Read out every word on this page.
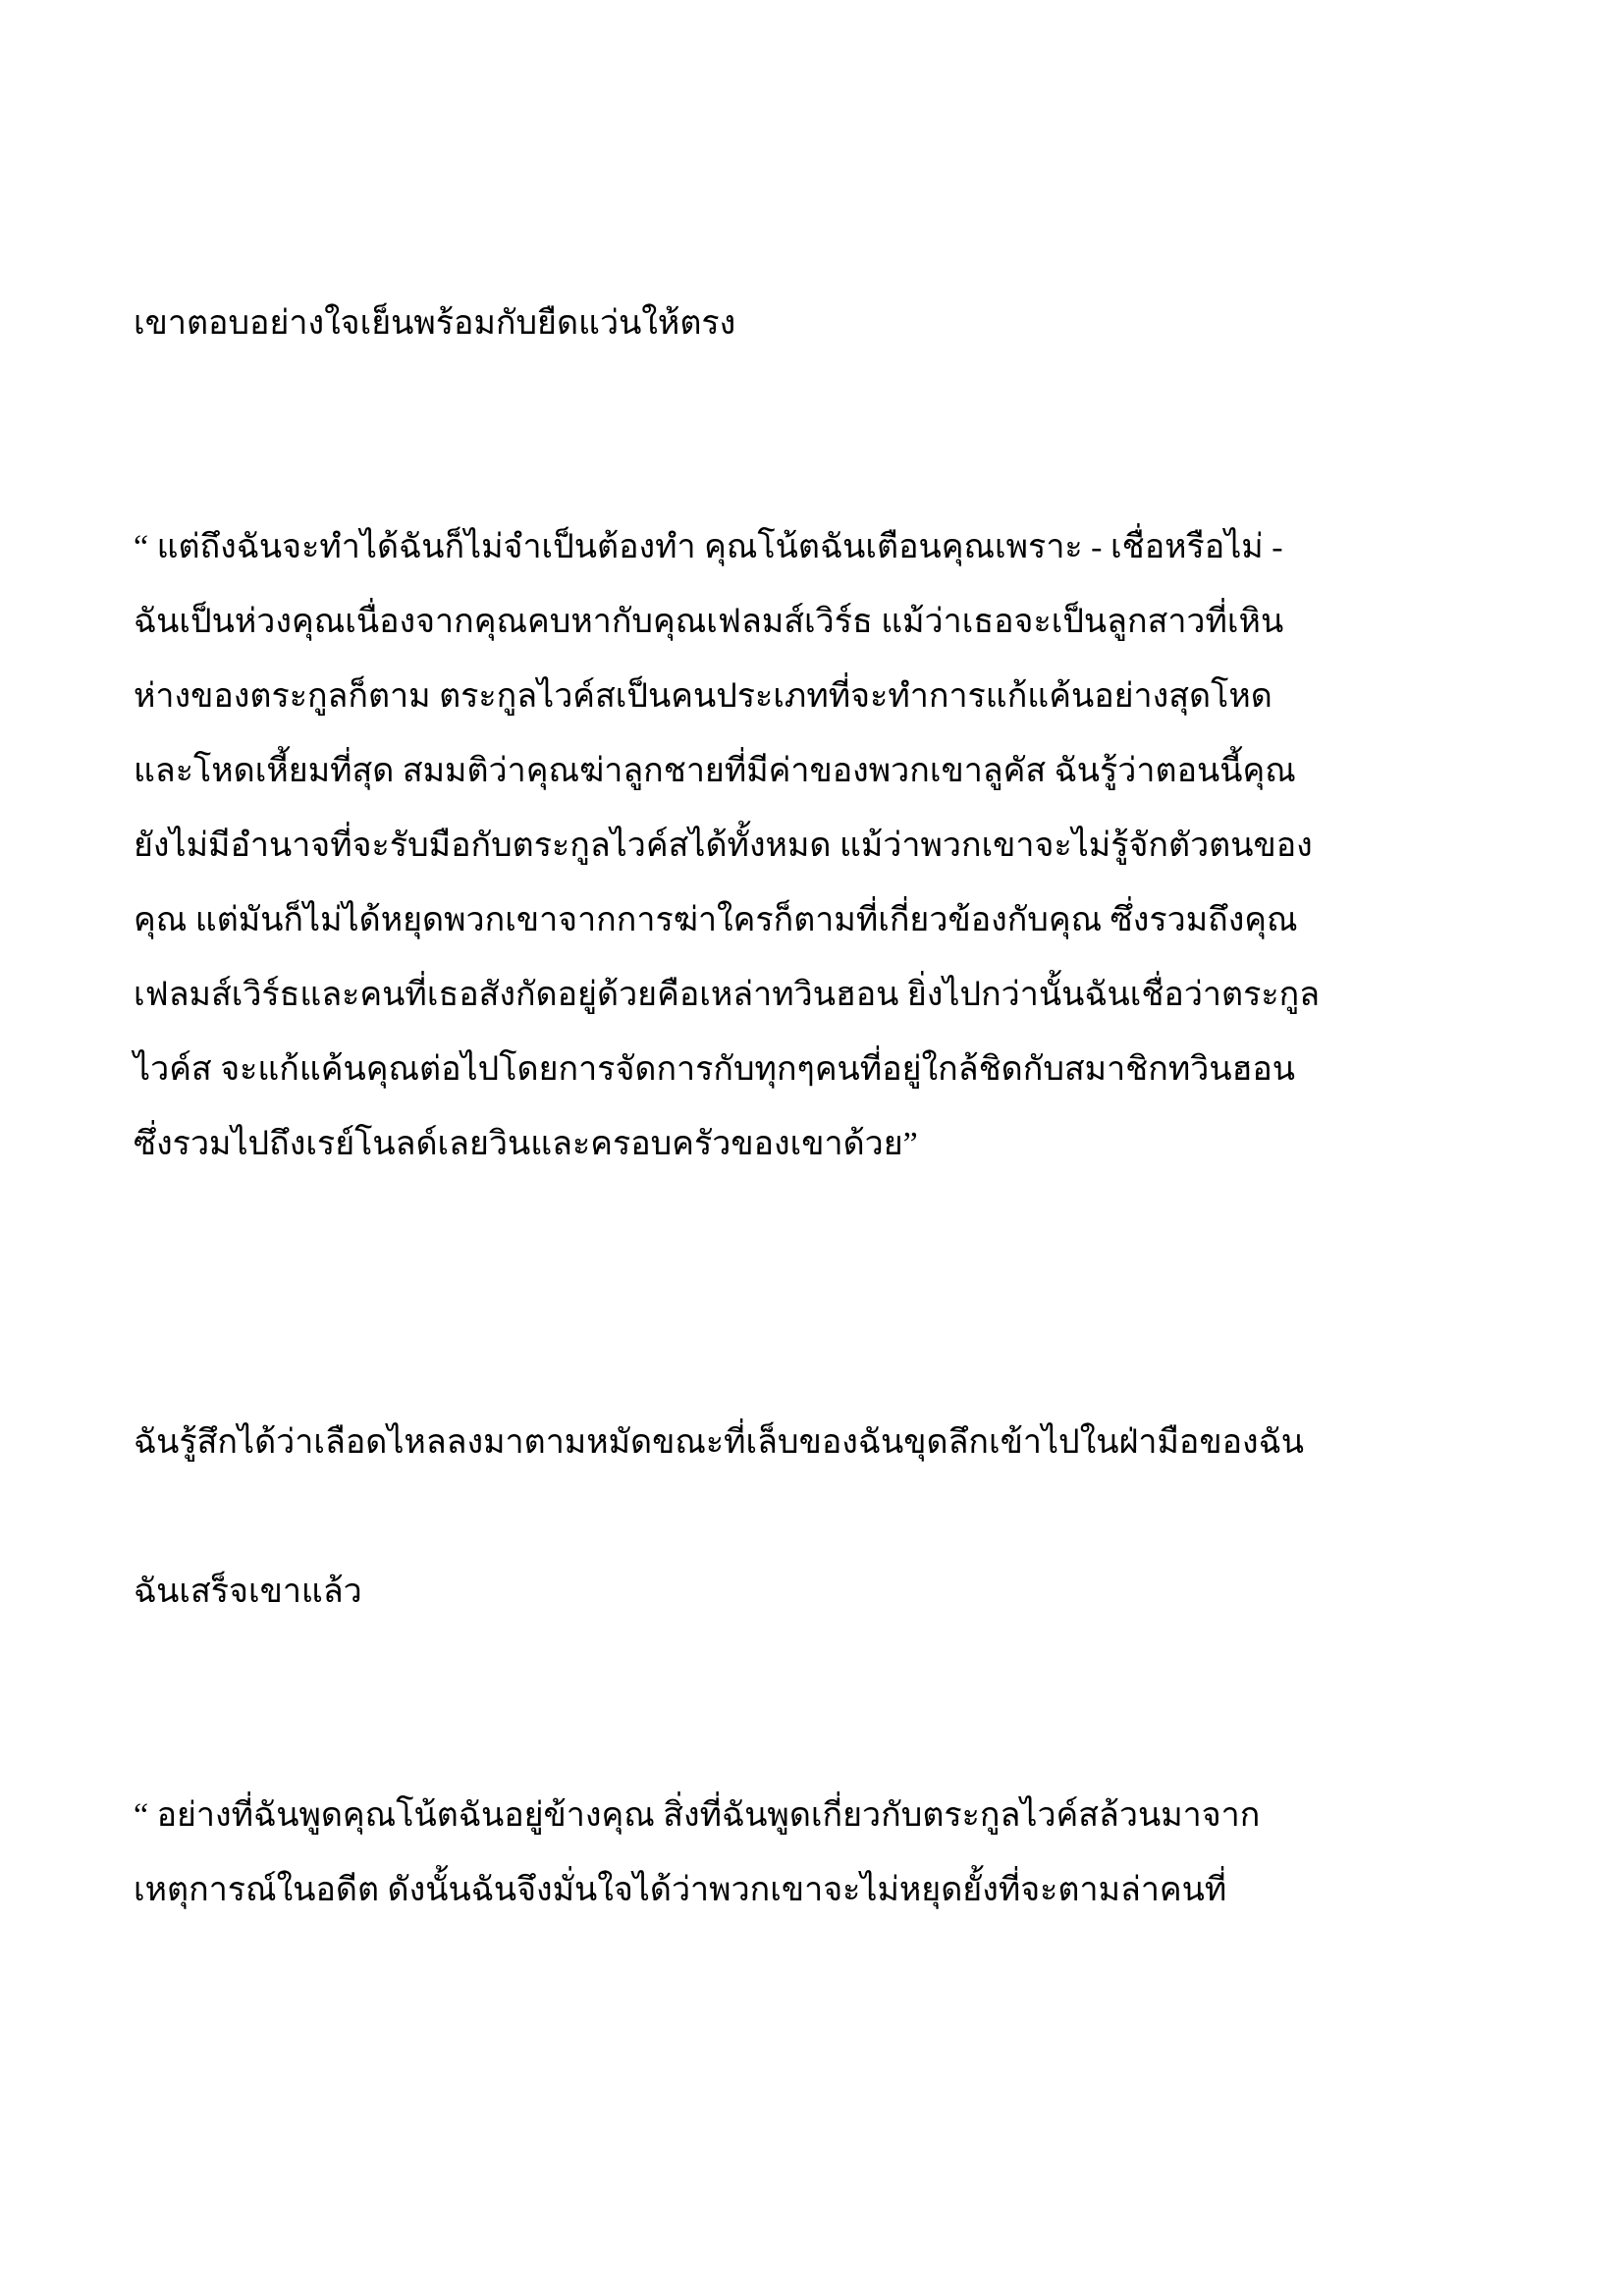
เขาตอบอย่างใจเย็นพร้อมกับยืดแว่นให้ตรง
“ แต่ถึงฉันจะทำได้ฉันก็ไม่จำเป็นต้องทำ คุณโน้ตฉันเตือนคุณเพราะ - เชื่อหรือไม่ -
ฉันเป็นห่วงคุณเนื่องจากคุณคบหากับคุณเฟลมส์เวิร์ธ แม้ว่าเธอจะเป็นลูกสาวที่เหิน
ห่างของตระกูลก็ตาม ตระกูลไวค์สเป็นคนประเภทที่จะทำการแก้แค้นอย่างสุดโหด
และโหดเหี้ยมที่สุด สมมติว่าคุณฆ่าลูกชายที่มีค่าของพวกเขาลูคัส ฉันรู้ว่าตอนนี้คุณ
ยังไม่มีอำนาจที่จะรับมือกับตระกูลไวค์สได้ทั้งหมด แม้ว่าพวกเขาจะไม่รู้จักตัวตนของ
คุณ แต่มันก็ไม่ได้หยุดพวกเขาจากการฆ่าใครก็ตามที่เกี่ยวข้องกับคุณ ซึ่งรวมถึงคุณ
เฟลมส์เวิร์ธและคนที่เธอสังกัดอยู่ด้วยคือเหล่าทวินฮอน ยิ่งไปกว่านั้นฉันเชื่อว่าตระกูล
ไวค์ส จะแก้แค้นคุณต่อไปโดยการจัดการกับทุกๆคนที่อยู่ใกล้ชิดกับสมาชิกทวินฮอน
ซึ่งรวมไปถึงเรย์โนลด์เลยวินและครอบครัวของเขาด้วย”
ฉันรู้สึกได้ว่าเลือดไหลลงมาตามหมัดขณะที่เล็บของฉันขุดลึกเข้าไปในฝ่ามือของฉัน
ฉันเสร็จเขาแล้ว
“ อย่างที่ฉันพูดคุณโน้ตฉันอยู่ข้างคุณ สิ่งที่ฉันพูดเกี่ยวกับตระกูลไวค์สล้วนมาจาก
เหตุการณ์ในอดีต ดังนั้นฉันจึงมั่นใจได้ว่าพวกเขาจะไม่หยุดยั้งที่จะตามล่าคนที่
